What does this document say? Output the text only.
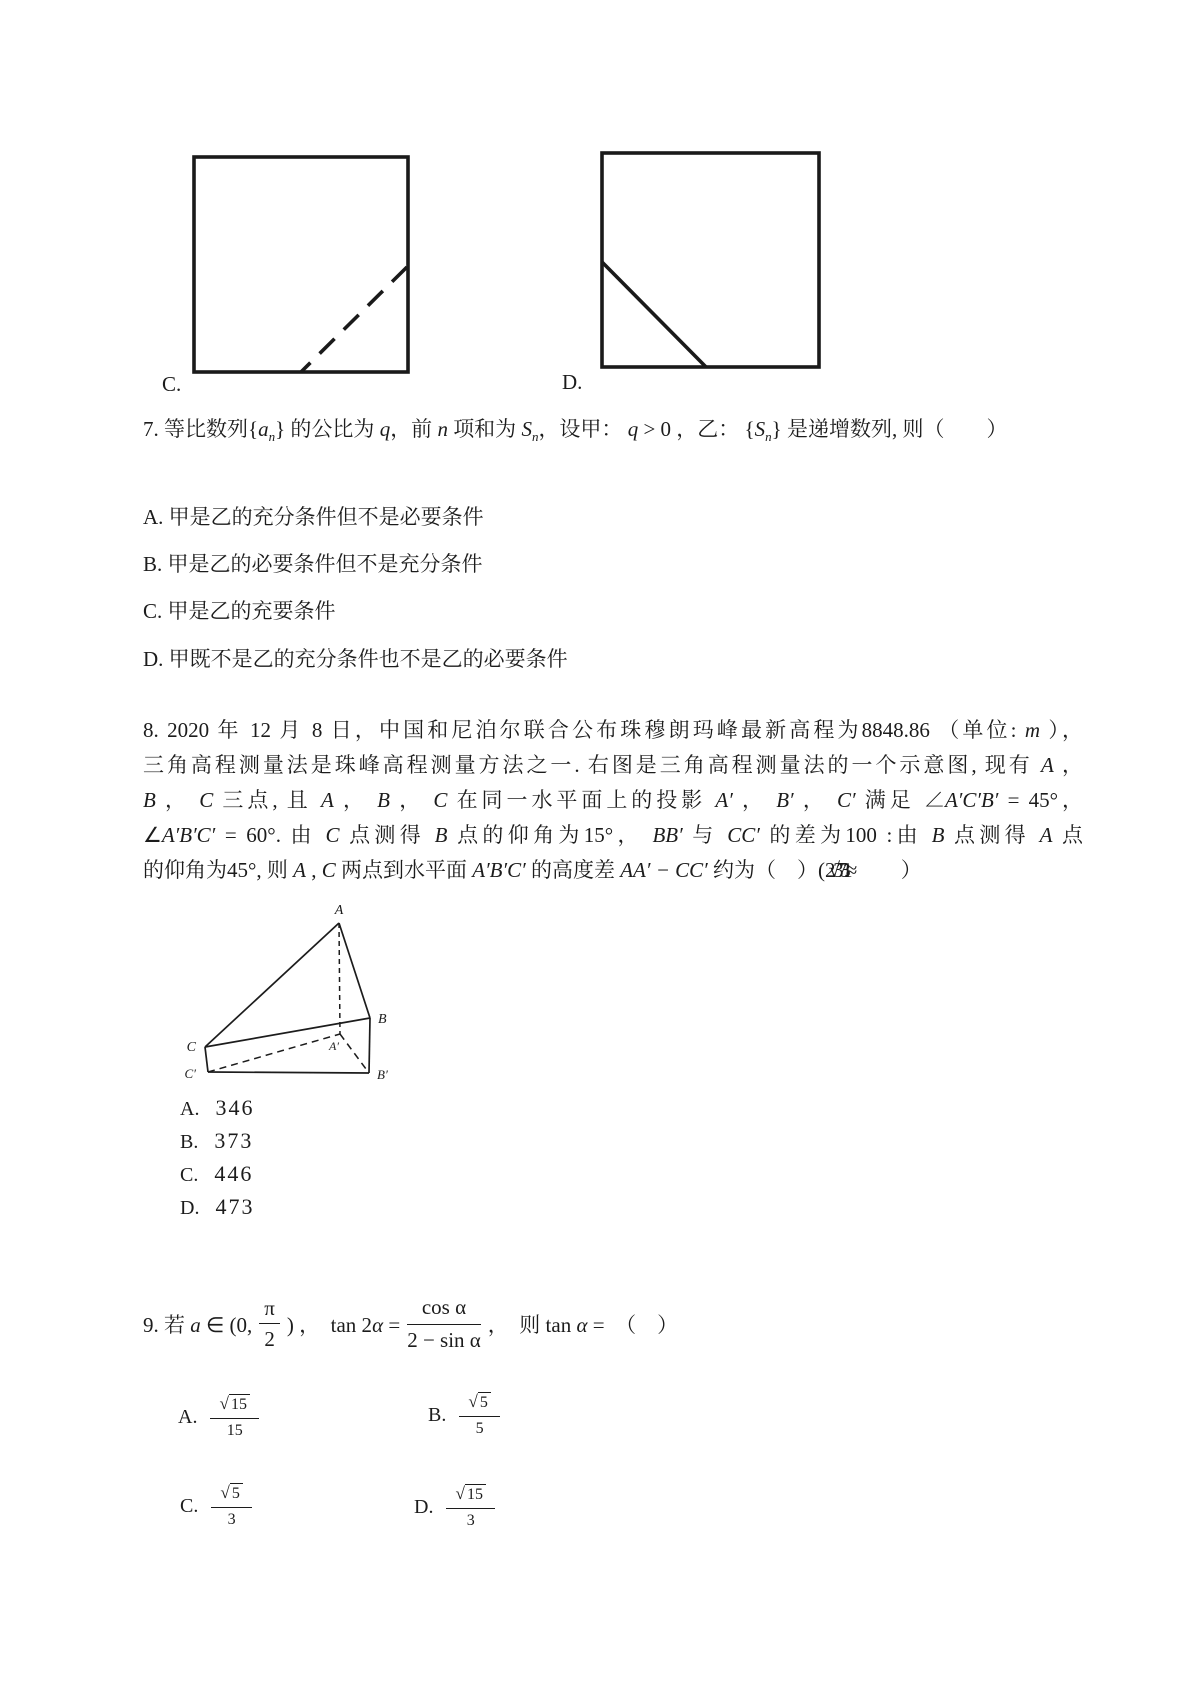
C.	D.
7. 等比数列$\{a_n\}$ 的公比为 q，前 n 项和为 $S_n$，设甲： q > 0 ，乙： $\{S_n\}$ 是递增数列, 则（　　）
A. 甲是乙的充分条件但不是必要条件
B. 甲是乙的必要条件但不是充分条件
C. 甲是乙的充要条件
D. 甲既不是乙的充分条件也不是乙的必要条件
8. 2020 年 12 月 8 日，中国和尼泊尔联合公布珠穆朗玛峰最新高程为8848.86 （单位: m ），
三角高程测量法是珠峰高程测量方法之一. 右图是三角高程测量法的一个示意图, 现有 A ，
B ， C 三点, 且 A ， B ， C 在同一水平面上的投影 A′ ， B′ ， C′ 满足 ∠A′C′B′ = 45°，
∠A′B′C′ = 60°. 由 C 点测得 B 点的仰角为15°， BB′ 与 CC′ 的差为100 :由 B 点测得 A 点
的仰角为45°, 则 A , C 两点到水平面 A′B′C′ 的高度差 AA′ − CC′ 约为（　）(2√373.1≈　　）
A
B
C
C′	B′
A′
A. 346
B. 373
C. 446
D. 473
9. 若 a ∈ (0, $\frac{\pi}{2}$ ) ，　$\tan 2\alpha = \frac{\text{cos α}}{\text{2 − sin α}}$ ，　则 tan α =　（　）
A. $\frac{√ 15}{15}$	B. $\frac{√ 5}{5}$
C. $\frac{√ 5}{3}$	D. $\frac{√ 15}{3}$
